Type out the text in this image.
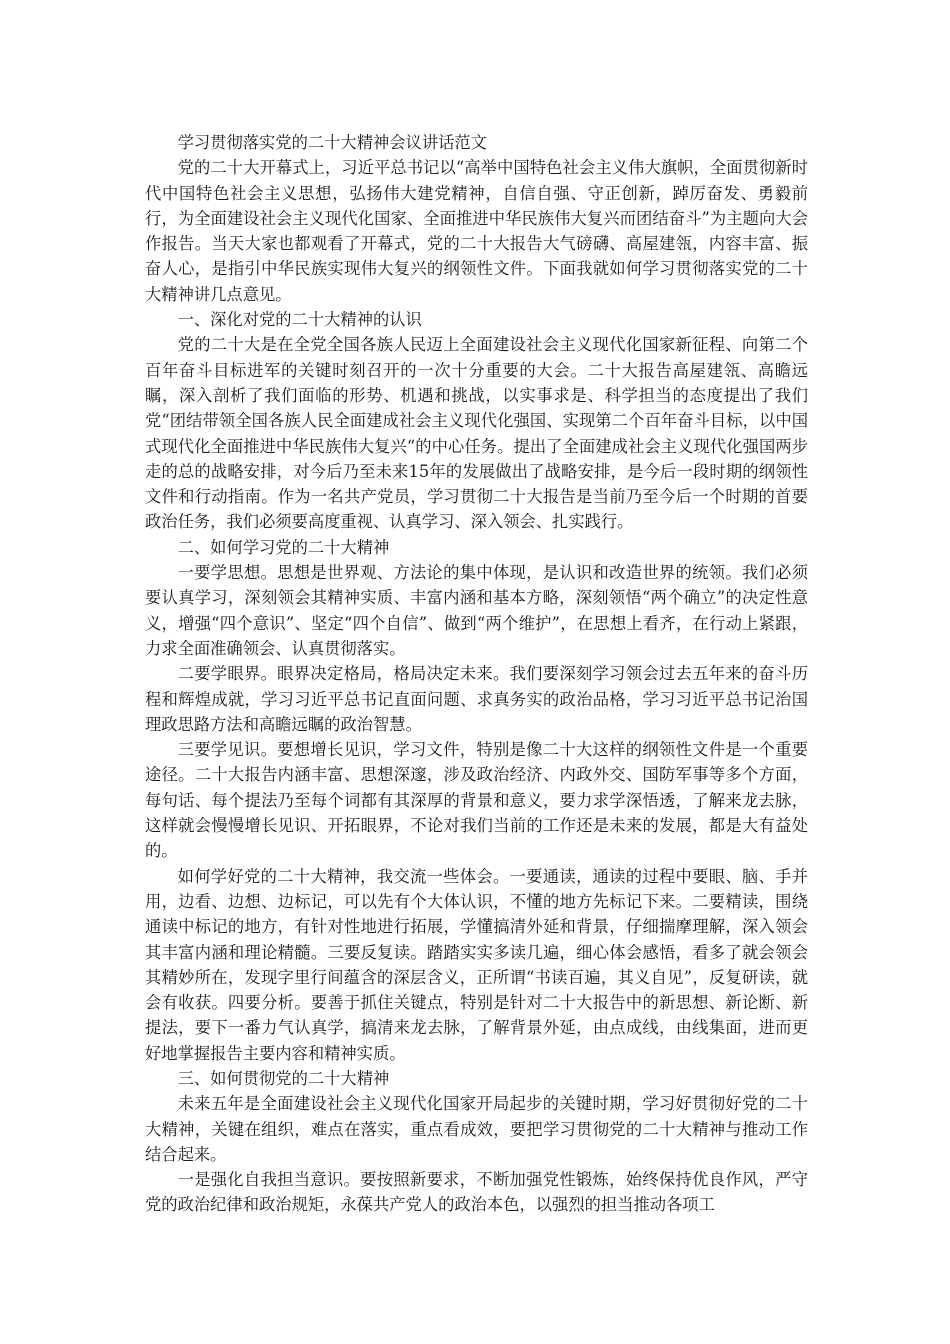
学习贯彻落实党的二十大精神会议讲话范文

党的二十大开幕式上，习近平总书记以“高举中国特色社会主义伟大旗帜，全面贯彻新时代中国特色社会主义思想，弘扬伟大建党精神，自信自强、守正创新，踔厉奋发、勇毅前行，为全面建设社会主义现代化国家、全面推进中华民族伟大复兴而团结奋斗”为主题向大会作报告。当天大家也都观看了开幕式，党的二十大报告大气磅礴、高屋建瓴，内容丰富、振奋人心，是指引中华民族实现伟大复兴的纲领性文件。下面我就如何学习贯彻落实党的二十大精神讲几点意见。

一、深化对党的二十大精神的认识

党的二十大是在全党全国各族人民迈上全面建设社会主义现代化国家新征程、向第二个百年奋斗目标进军的关键时刻召开的一次十分重要的大会。二十大报告高屋建瓴、高瞻远瞩，深入剖析了我们面临的形势、机遇和挑战，以实事求是、科学担当的态度提出了我们党“团结带领全国各族人民全面建成社会主义现代化强国、实现第二个百年奋斗目标，以中国式现代化全面推进中华民族伟大复兴“的中心任务。提出了全面建成社会主义现代化强国两步走的总的战略安排，对今后乃至未来15年的发展做出了战略安排，是今后一段时期的纲领性文件和行动指南。作为一名共产党员，学习贯彻二十大报告是当前乃至今后一个时期的首要政治任务，我们必须要高度重视、认真学习、深入领会、扎实践行。

二、如何学习党的二十大精神

一要学思想。思想是世界观、方法论的集中体现，是认识和改造世界的统领。我们必须要认真学习，深刻领会其精神实质、丰富内涵和基本方略，深刻领悟“两个确立”的决定性意义，增强“四个意识”、坚定“四个自信”、做到“两个维护”，在思想上看齐，在行动上紧跟，力求全面准确领会、认真贯彻落实。

二要学眼界。眼界决定格局，格局决定未来。我们要深刻学习领会过去五年来的奋斗历程和辉煌成就，学习习近平总书记直面问题、求真务实的政治品格，学习习近平总书记治国理政思路方法和高瞻远瞩的政治智慧。

三要学见识。要想增长见识，学习文件，特别是像二十大这样的纲领性文件是一个重要途径。二十大报告内涵丰富、思想深邃，涉及政治经济、内政外交、国防军事等多个方面，每句话、每个提法乃至每个词都有其深厚的背景和意义，要力求学深悟透，了解来龙去脉，这样就会慢慢增长见识、开拓眼界，不论对我们当前的工作还是未来的发展，都是大有益处的。

如何学好党的二十大精神，我交流一些体会。一要通读，通读的过程中要眼、脑、手并用，边看、边想、边标记，可以先有个大体认识，不懂的地方先标记下来。二要精读，围绕通读中标记的地方，有针对性地进行拓展，学懂搞清外延和背景，仔细揣摩理解，深入领会其丰富内涵和理论精髓。三要反复读。踏踏实实多读几遍，细心体会感悟，看多了就会领会其精妙所在，发现字里行间蕴含的深层含义，正所谓“书读百遍，其义自见”，反复研读，就会有收获。四要分析。要善于抓住关键点，特别是针对二十大报告中的新思想、新论断、新提法，要下一番力气认真学，搞清来龙去脉，了解背景外延，由点成线，由线集面，进而更好地掌握报告主要内容和精神实质。

三、如何贯彻党的二十大精神

未来五年是全面建设社会主义现代化国家开局起步的关键时期，学习好贯彻好党的二十大精神，关键在组织，难点在落实，重点看成效，要把学习贯彻党的二十大精神与推动工作结合起来。

一是强化自我担当意识。要按照新要求，不断加强党性锻炼，始终保持优良作风，严守党的政治纪律和政治规矩，永葆共产党人的政治本色，以强烈的担当推动各项工
